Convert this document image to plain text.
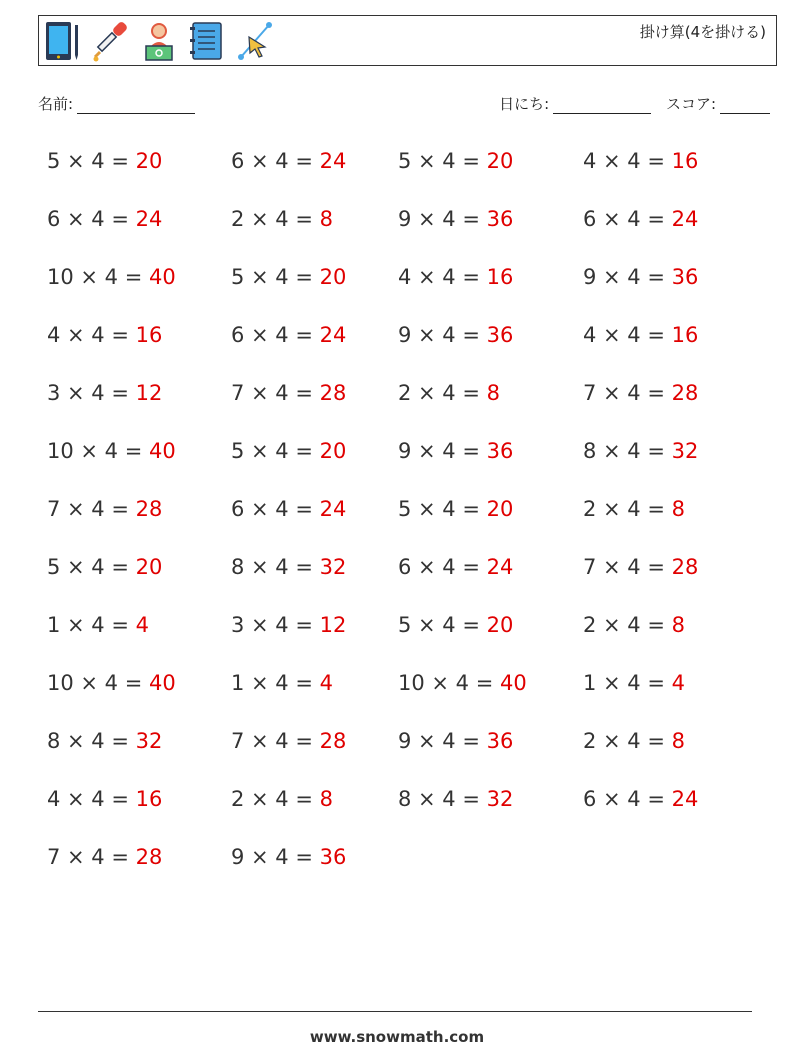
掛け算(4を掛ける)
名前:	日にち:	スコア:
5 × 4 = 20
6 × 4 = 24
10 × 4 = 40
4 × 4 = 16
3 × 4 = 12
10 × 4 = 40
7 × 4 = 28
5 × 4 = 20
1 × 4 = 4
10 × 4 = 40
8 × 4 = 32
4 × 4 = 16
7 × 4 = 28
6 × 4 = 24
2 × 4 = 8
5 × 4 = 20
6 × 4 = 24
7 × 4 = 28
5 × 4 = 20
6 × 4 = 24
8 × 4 = 32
3 × 4 = 12
1 × 4 = 4
7 × 4 = 28
2 × 4 = 8
9 × 4 = 36
5 × 4 = 20
9 × 4 = 36
4 × 4 = 16
9 × 4 = 36
2 × 4 = 8
9 × 4 = 36
5 × 4 = 20
6 × 4 = 24
5 × 4 = 20
10 × 4 = 40
9 × 4 = 36
8 × 4 = 32
4 × 4 = 16
6 × 4 = 24
9 × 4 = 36
4 × 4 = 16
7 × 4 = 28
8 × 4 = 32
2 × 4 = 8
7 × 4 = 28
2 × 4 = 8
1 × 4 = 4
2 × 4 = 8
6 × 4 = 24
www.snowmath.com
